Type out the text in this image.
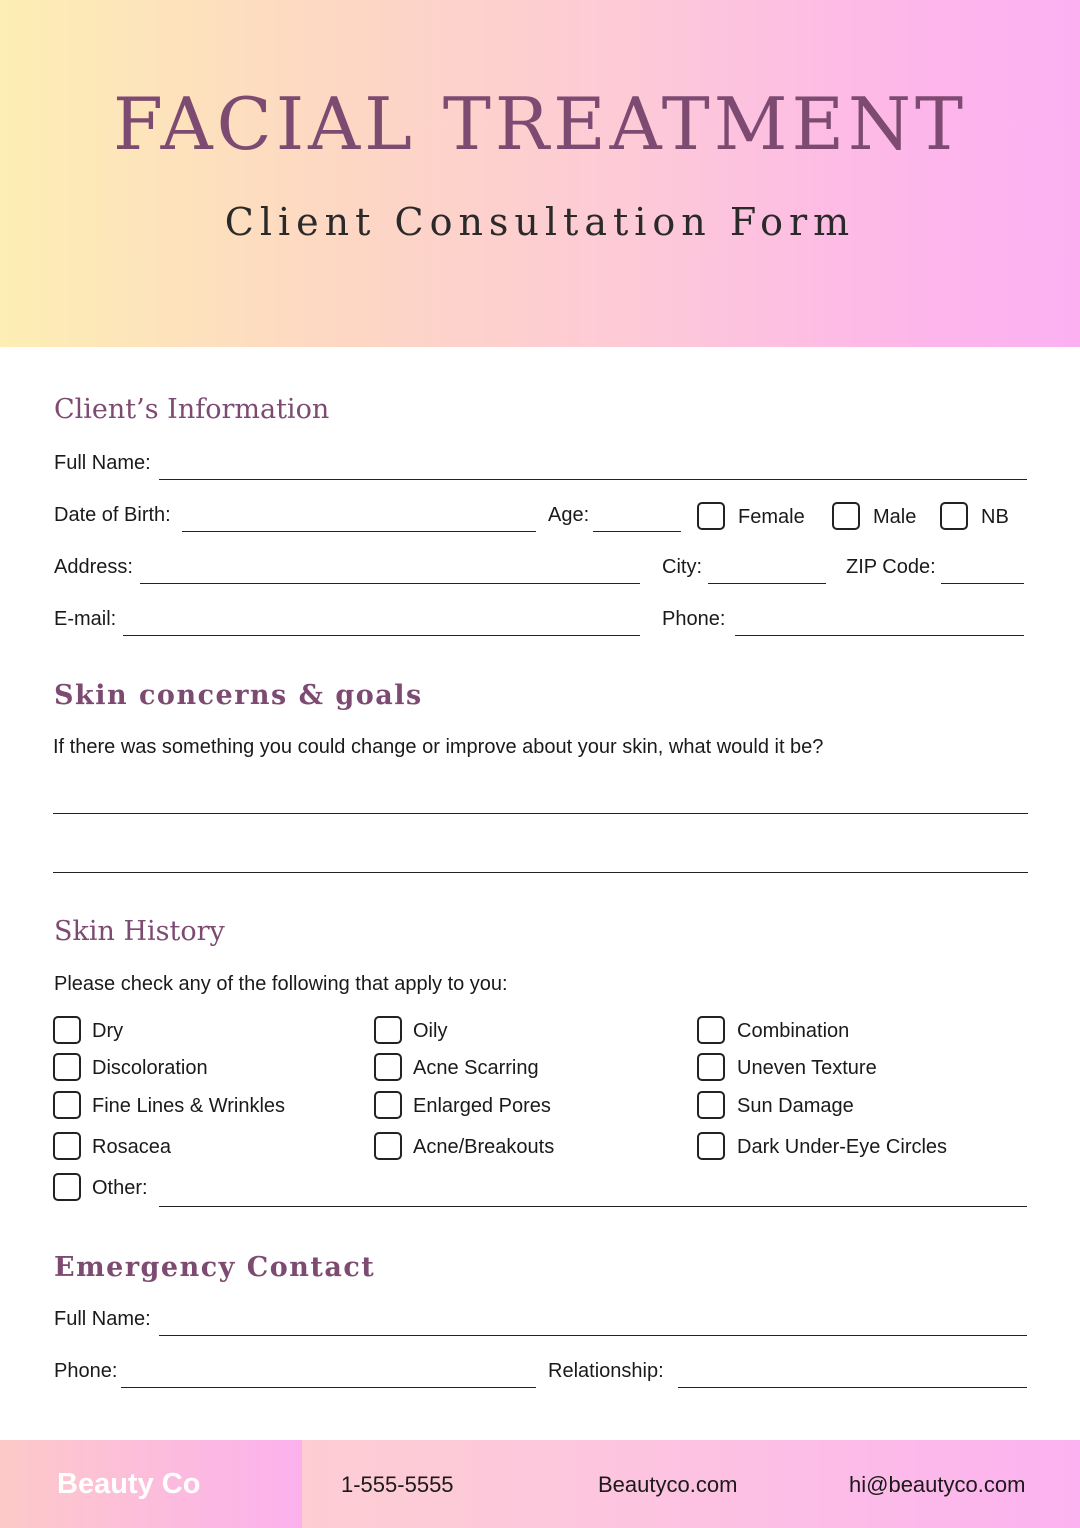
FACIAL TREATMENT
Client Consultation Form
Client’s Information
Full Name:
Date of Birth:	Age:	Female	Male	NB
Address:	City:	ZIP Code:
E-mail:	Phone:
Skin concerns & goals
If there was something you could change or improve about your skin, what would it be?
Skin History
Please check any of the following that apply to you:
Dry	Oily	Combination
Discoloration	Acne Scarring	Uneven Texture
Fine Lines & Wrinkles	Enlarged Pores	Sun Damage
Rosacea	Acne/Breakouts	Dark Under-Eye Circles
Other:
Emergency Contact
Full Name:
Phone:	Relationship:
Beauty Co	1-555-5555	Beautyco.com	hi@beautyco.com
